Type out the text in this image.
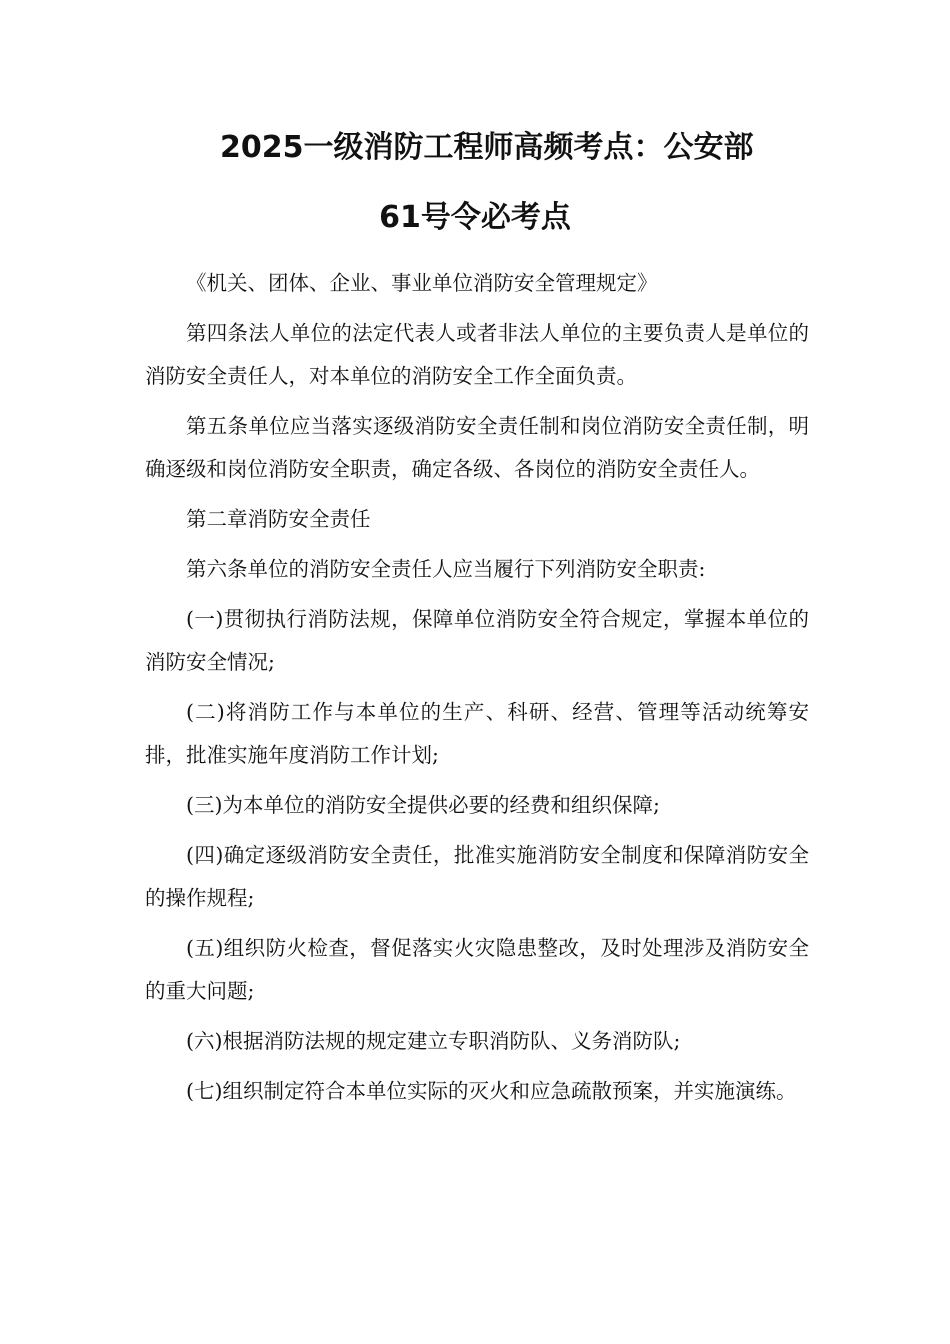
2025一级消防工程师高频考点：公安部
61号令必考点

《机关、团体、企业、事业单位消防安全管理规定》

第四条法人单位的法定代表人或者非法人单位的主要负责人是单位的消防安全责任人，对本单位的消防安全工作全面负责。

第五条单位应当落实逐级消防安全责任制和岗位消防安全责任制，明确逐级和岗位消防安全职责，确定各级、各岗位的消防安全责任人。

第二章消防安全责任

第六条单位的消防安全责任人应当履行下列消防安全职责:

(一)贯彻执行消防法规，保障单位消防安全符合规定，掌握本单位的消防安全情况;

(二)将消防工作与本单位的生产、科研、经营、管理等活动统筹安排，批准实施年度消防工作计划;

(三)为本单位的消防安全提供必要的经费和组织保障;

(四)确定逐级消防安全责任，批准实施消防安全制度和保障消防安全的操作规程;

(五)组织防火检查，督促落实火灾隐患整改，及时处理涉及消防安全的重大问题;

(六)根据消防法规的规定建立专职消防队、义务消防队;

(七)组织制定符合本单位实际的灭火和应急疏散预案，并实施演练。
